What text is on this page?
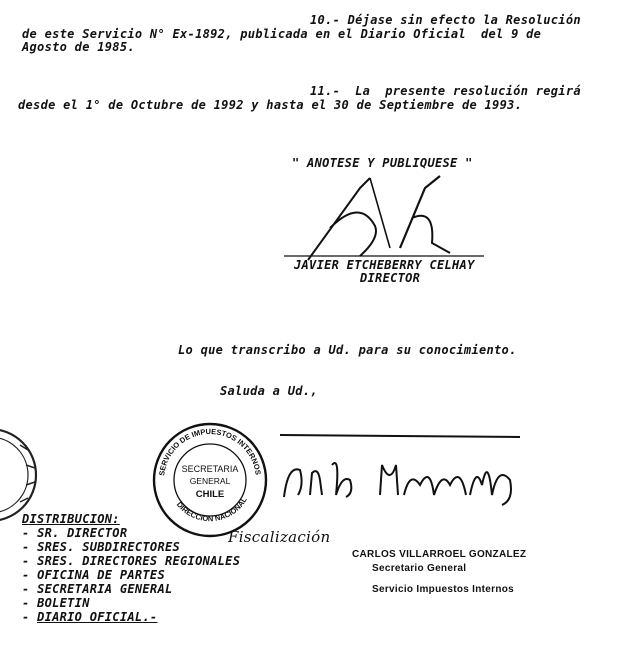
10.- Déjase sin efecto la Resolución
de este Servicio N° Ex-1892, publicada en el Diario Oficial  del 9 de
Agosto de 1985.
11.-  La  presente resolución regirá
desde el 1° de Octubre de 1992 y hasta el 30 de Septiembre de 1993.
" ANOTESE Y PUBLIQUESE "
JAVIER ETCHEBERRY CELHAY
DIRECTOR
Lo que transcribo a Ud. para su conocimiento.
Saluda a Ud.,
SERVICIO DE IMPUESTOS INTERNOS
DIRECCION NACIONAL
SECRETARIA
GENERAL
CHILE
Fiscalización
CARLOS VILLARROEL GONZALEZ
Secretario General
Servicio Impuestos Internos
DISTRIBUCION:
- SR. DIRECTOR
- SRES. SUBDIRECTORES
- SRES. DIRECTORES REGIONALES
- OFICINA DE PARTES
- SECRETARIA GENERAL
- BOLETIN
- DIARIO OFICIAL.-
